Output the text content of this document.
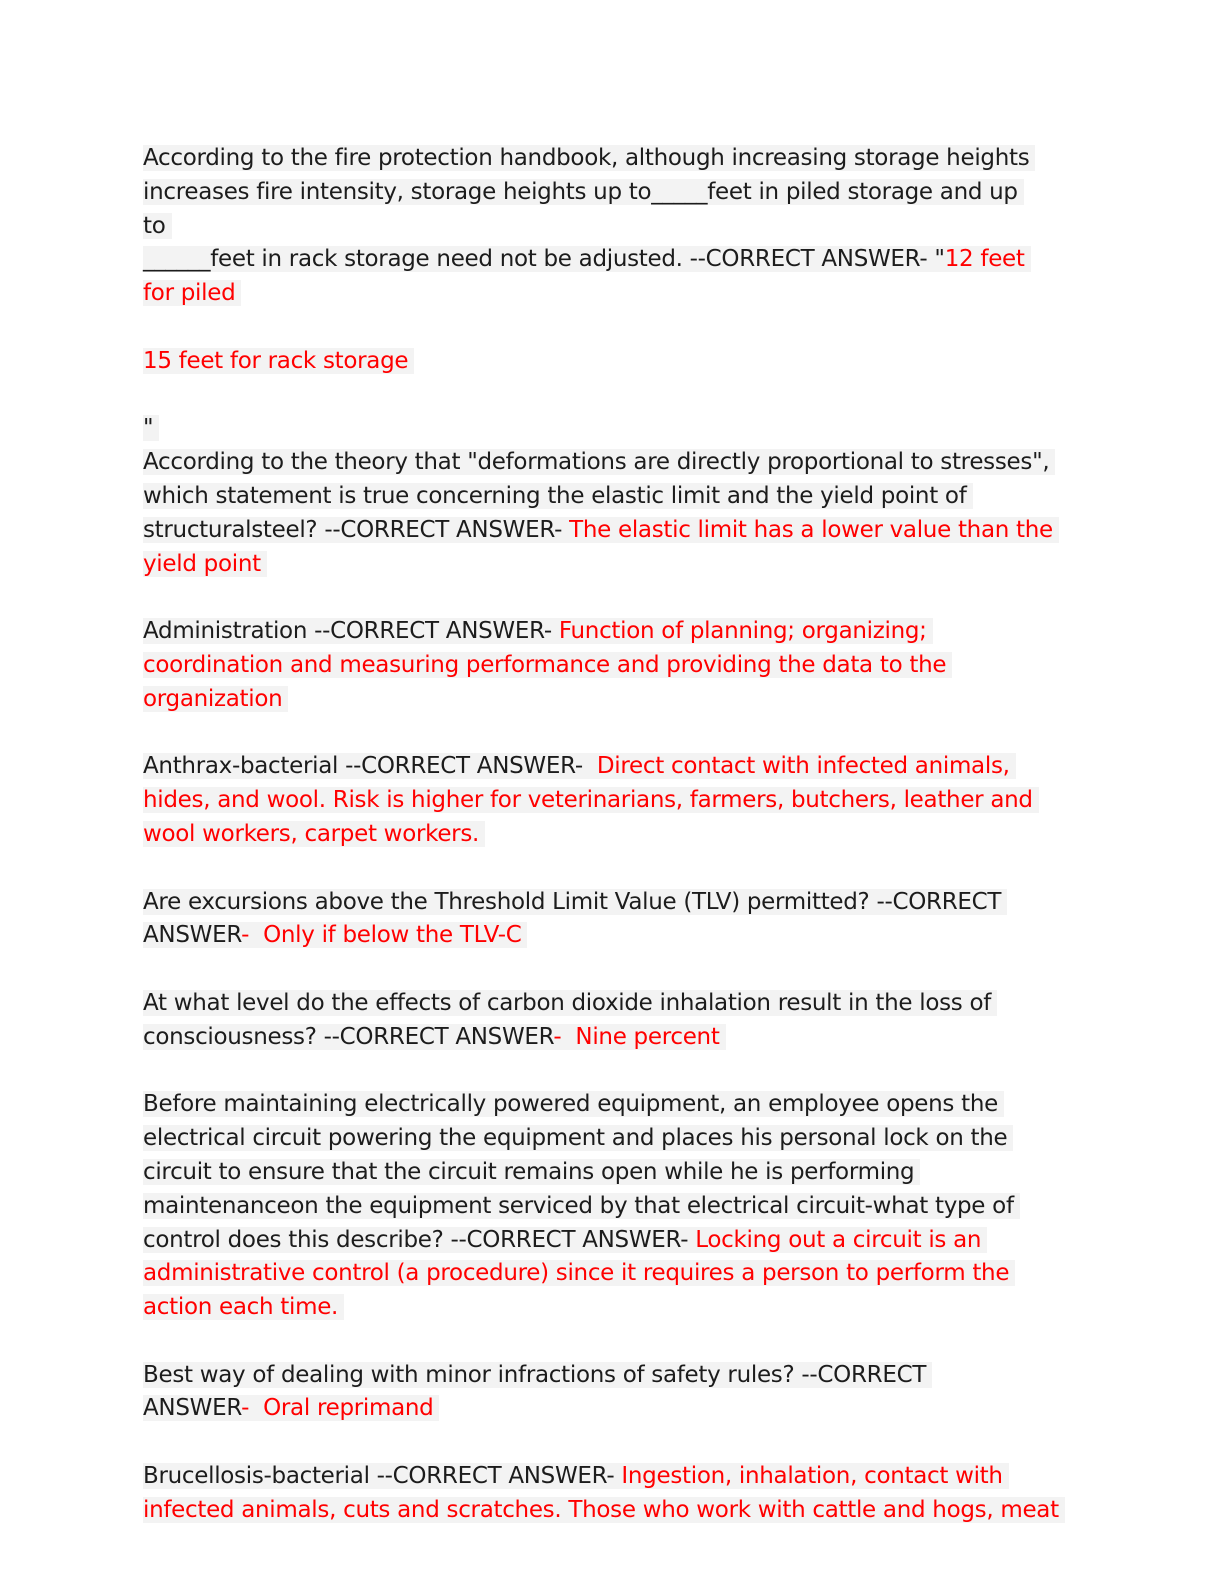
According to the fire protection handbook, although increasing storage heights
increases fire intensity, storage heights up to_____feet in piled storage and up
to
______feet in rack storage need not be adjusted. --CORRECT ANSWER- "12 feet
for piled
15 feet for rack storage
"
According to the theory that "deformations are directly proportional to stresses",
which statement is true concerning the elastic limit and the yield point of
structuralsteel? --CORRECT ANSWER- The elastic limit has a lower value than the
yield point
Administration --CORRECT ANSWER- Function of planning; organizing;
coordination and measuring performance and providing the data to the
organization
Anthrax-bacterial --CORRECT ANSWER-  Direct contact with infected animals,
hides, and wool. Risk is higher for veterinarians, farmers, butchers, leather and
wool workers, carpet workers.
Are excursions above the Threshold Limit Value (TLV) permitted? --CORRECT
ANSWER-  Only if below the TLV-C
At what level do the effects of carbon dioxide inhalation result in the loss of
consciousness? --CORRECT ANSWER-  Nine percent
Before maintaining electrically powered equipment, an employee opens the
electrical circuit powering the equipment and places his personal lock on the
circuit to ensure that the circuit remains open while he is performing
maintenanceon the equipment serviced by that electrical circuit-what type of
control does this describe? --CORRECT ANSWER- Locking out a circuit is an
administrative control (a procedure) since it requires a person to perform the
action each time.
Best way of dealing with minor infractions of safety rules? --CORRECT
ANSWER-  Oral reprimand
Brucellosis-bacterial --CORRECT ANSWER- Ingestion, inhalation, contact with
infected animals, cuts and scratches. Those who work with cattle and hogs, meat
